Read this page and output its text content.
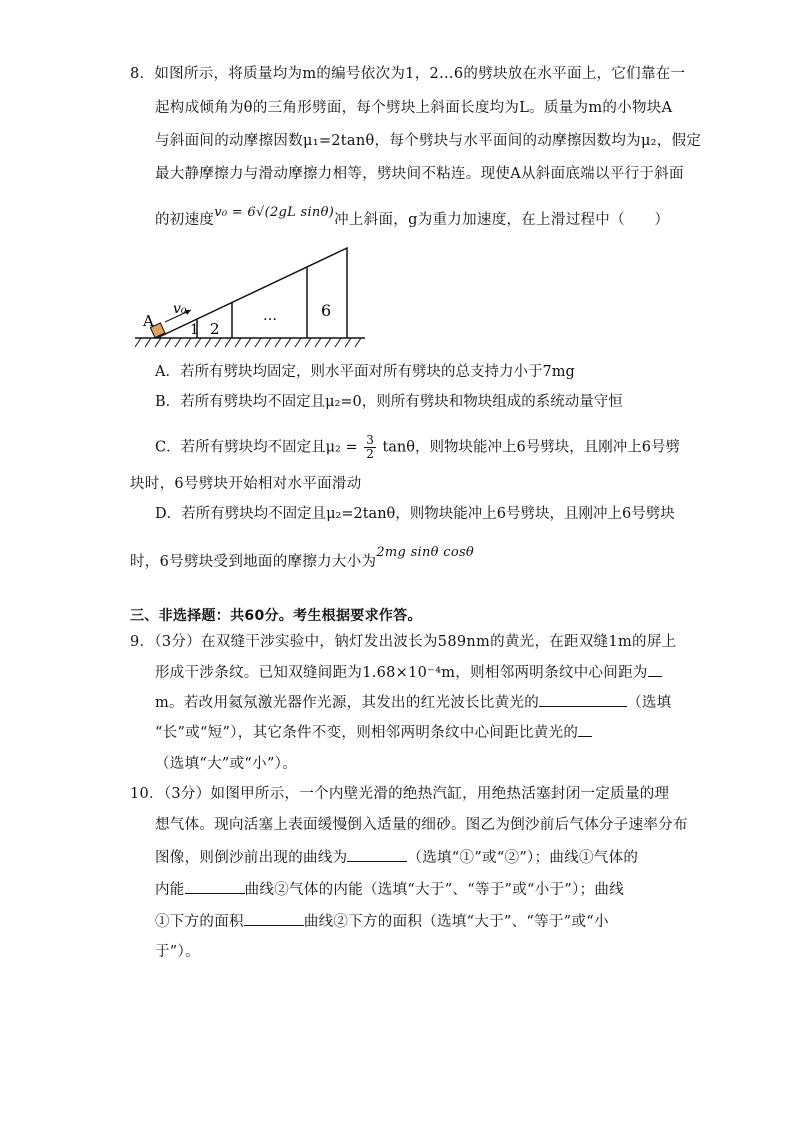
8．如图所示，将质量均为m的编号依次为1，2…6的劈块放在水平面上，它们靠在一
起构成倾角为θ的三角形劈面，每个劈块上斜面长度均为L。质量为m的小物块A
与斜面间的动摩擦因数μ₁=2tanθ，每个劈块与水平面间的动摩擦因数均为μ₂，假定
最大静摩擦力与滑动摩擦力相等，劈块间不粘连。现使A从斜面底端以平行于斜面
的初速度v₀ = 6√(2gL sinθ)冲上斜面，g为重力加速度，在上滑过程中（　　）
A
v₀
1 2
…	6
A．若所有劈块均固定，则水平面对所有劈块的总支持力小于7mg
B．若所有劈块均不固定且μ₂=0，则所有劈块和物块组成的系统动量守恒
C．若所有劈块均不固定且$\mu_2 = \frac{3}{2}$ tanθ，则物块能冲上6号劈块，且刚冲上6号劈
块时，6号劈块开始相对水平面滑动
D．若所有劈块均不固定且μ₂=2tanθ，则物块能冲上6号劈块，且刚冲上6号劈块
时，6号劈块受到地面的摩擦力大小为2mg sinθ cosθ
三、非选择题：共60分。考生根据要求作答。
9．（3分）在双缝干涉实验中，钠灯发出波长为589nm的黄光，在距双缝1m的屏上
形成干涉条纹。已知双缝间距为1.68×10⁻⁴m，则相邻两明条纹中心间距为
m。若改用氦氖激光器作光源，其发出的红光波长比黄光的	（选填
“长”或“短”），其它条件不变，则相邻两明条纹中心间距比黄光的
（选填“大”或“小”）。
10．（3分）如图甲所示，一个内壁光滑的绝热汽缸，用绝热活塞封闭一定质量的理
想气体。现向活塞上表面缓慢倒入适量的细砂。图乙为倒沙前后气体分子速率分布
图像，则倒沙前出现的曲线为	（选填“①”或“②”）；曲线①气体的
内能	曲线②气体的内能（选填“大于”、“等于”或“小于”）；曲线
①下方的面积	曲线②下方的面积（选填“大于”、“等于”或“小
于”）。
